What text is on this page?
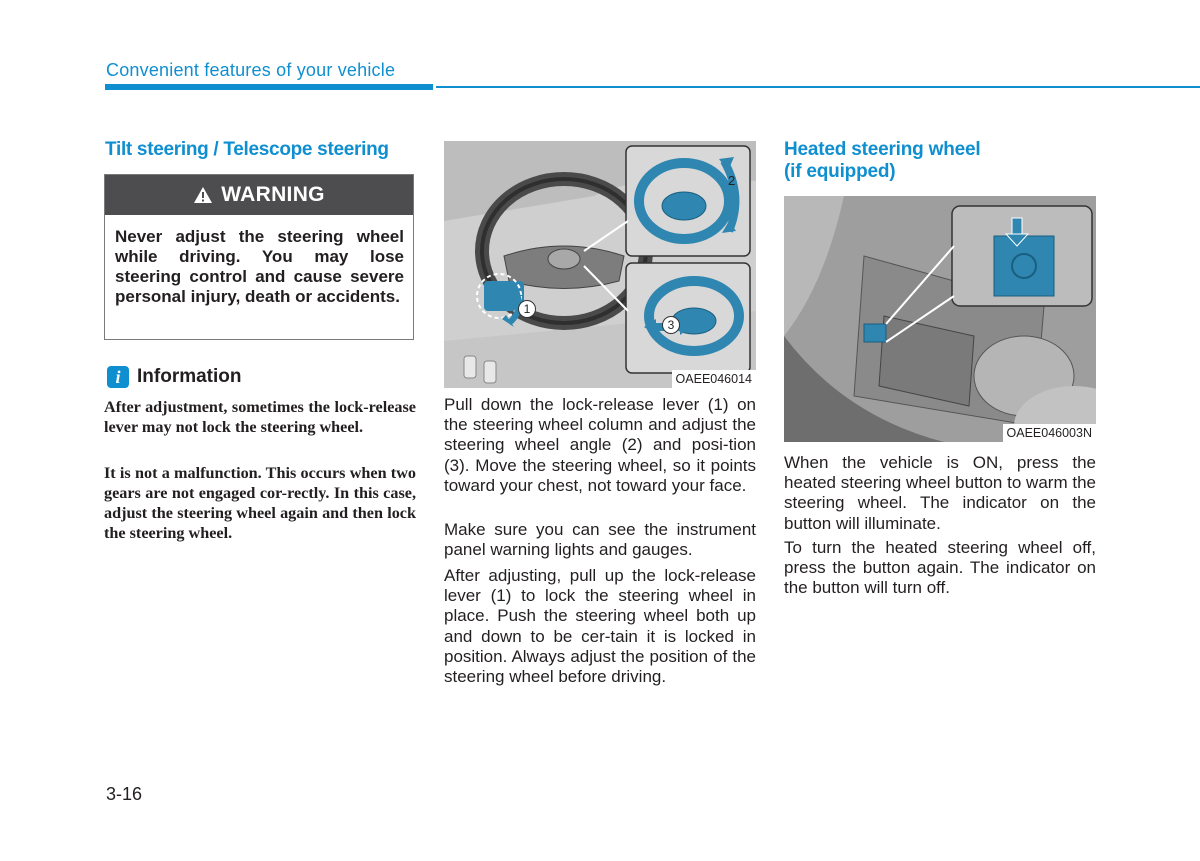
Convenient features of your vehicle
Tilt steering / Telescope steering
WARNING
Never adjust the steering wheel while driving. You may lose steering control and cause severe personal injury, death or accidents.
i Information
After adjustment, sometimes the lock-release lever may not lock the steering wheel.
It is not a malfunction. This occurs when two gears are not engaged cor-rectly. In this case, adjust the steering wheel again and then lock the steering wheel.
1
2
3
OAEE046014
Pull down the lock-release lever (1) on the steering wheel column and adjust the steering wheel angle (2) and posi-tion (3). Move the steering wheel, so it points toward your chest, not toward your face.
Make sure you can see the instrument panel warning lights and gauges.
After adjusting, pull up the lock-release lever (1) to lock the steering wheel in place. Push the steering wheel both up and down to be cer-tain it is locked in position. Always adjust the position of the steering wheel before driving.
Heated steering wheel
(if equipped)
OAEE046003N
When the vehicle is ON, press the heated steering wheel button to warm the steering wheel. The indicator on the button will illuminate.
To turn the heated steering wheel off, press the button again. The indicator on the button will turn off.
3-16
